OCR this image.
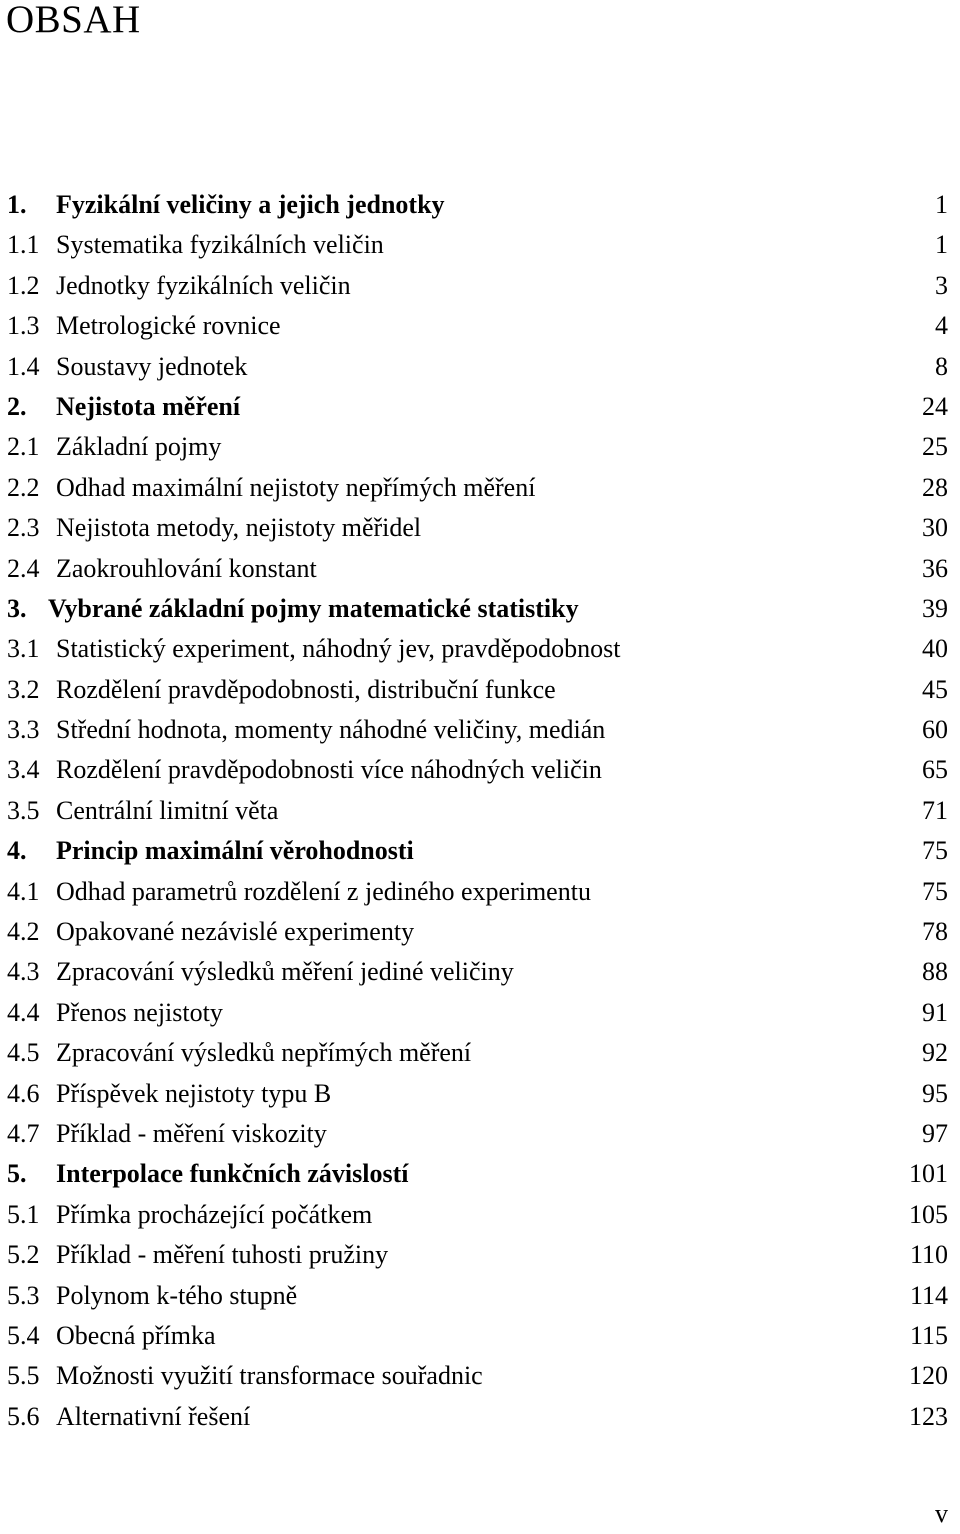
OBSAH
1. Fyzikální veličiny a jejich jednotky	1
1.1 Systematika fyzikálních veličin	1
1.2 Jednotky fyzikálních veličin	3
1.3 Metrologické rovnice	4
1.4 Soustavy jednotek	8
2. Nejistota měření	24
2.1 Základní pojmy	25
2.2 Odhad maximální nejistoty nepřímých měření	28
2.3 Nejistota metody, nejistoty měřidel	30
2.4 Zaokrouhlování konstant	36
3. Vybrané základní pojmy matematické statistiky	39
3.1 Statistický experiment, náhodný jev, pravděpodobnost	40
3.2 Rozdělení pravděpodobnosti, distribuční funkce	45
3.3 Střední hodnota, momenty náhodné veličiny, medián	60
3.4 Rozdělení pravděpodobnosti více náhodných veličin	65
3.5 Centrální limitní věta	71
4. Princip maximální věrohodnosti	75
4.1 Odhad parametrů rozdělení z jediného experimentu	75
4.2 Opakované nezávislé experimenty	78
4.3 Zpracování výsledků měření jediné veličiny	88
4.4 Přenos nejistoty	91
4.5 Zpracování výsledků nepřímých měření	92
4.6 Příspěvek nejistoty typu B	95
4.7 Příklad - měření viskozity	97
5. Interpolace funkčních závislostí	101
5.1 Přímka procházející počátkem	105
5.2 Příklad - měření tuhosti pružiny	110
5.3 Polynom k-tého stupně	114
5.4 Obecná přímka	115
5.5 Možnosti využití transformace souřadnic	120
5.6 Alternativní řešení	123
v
